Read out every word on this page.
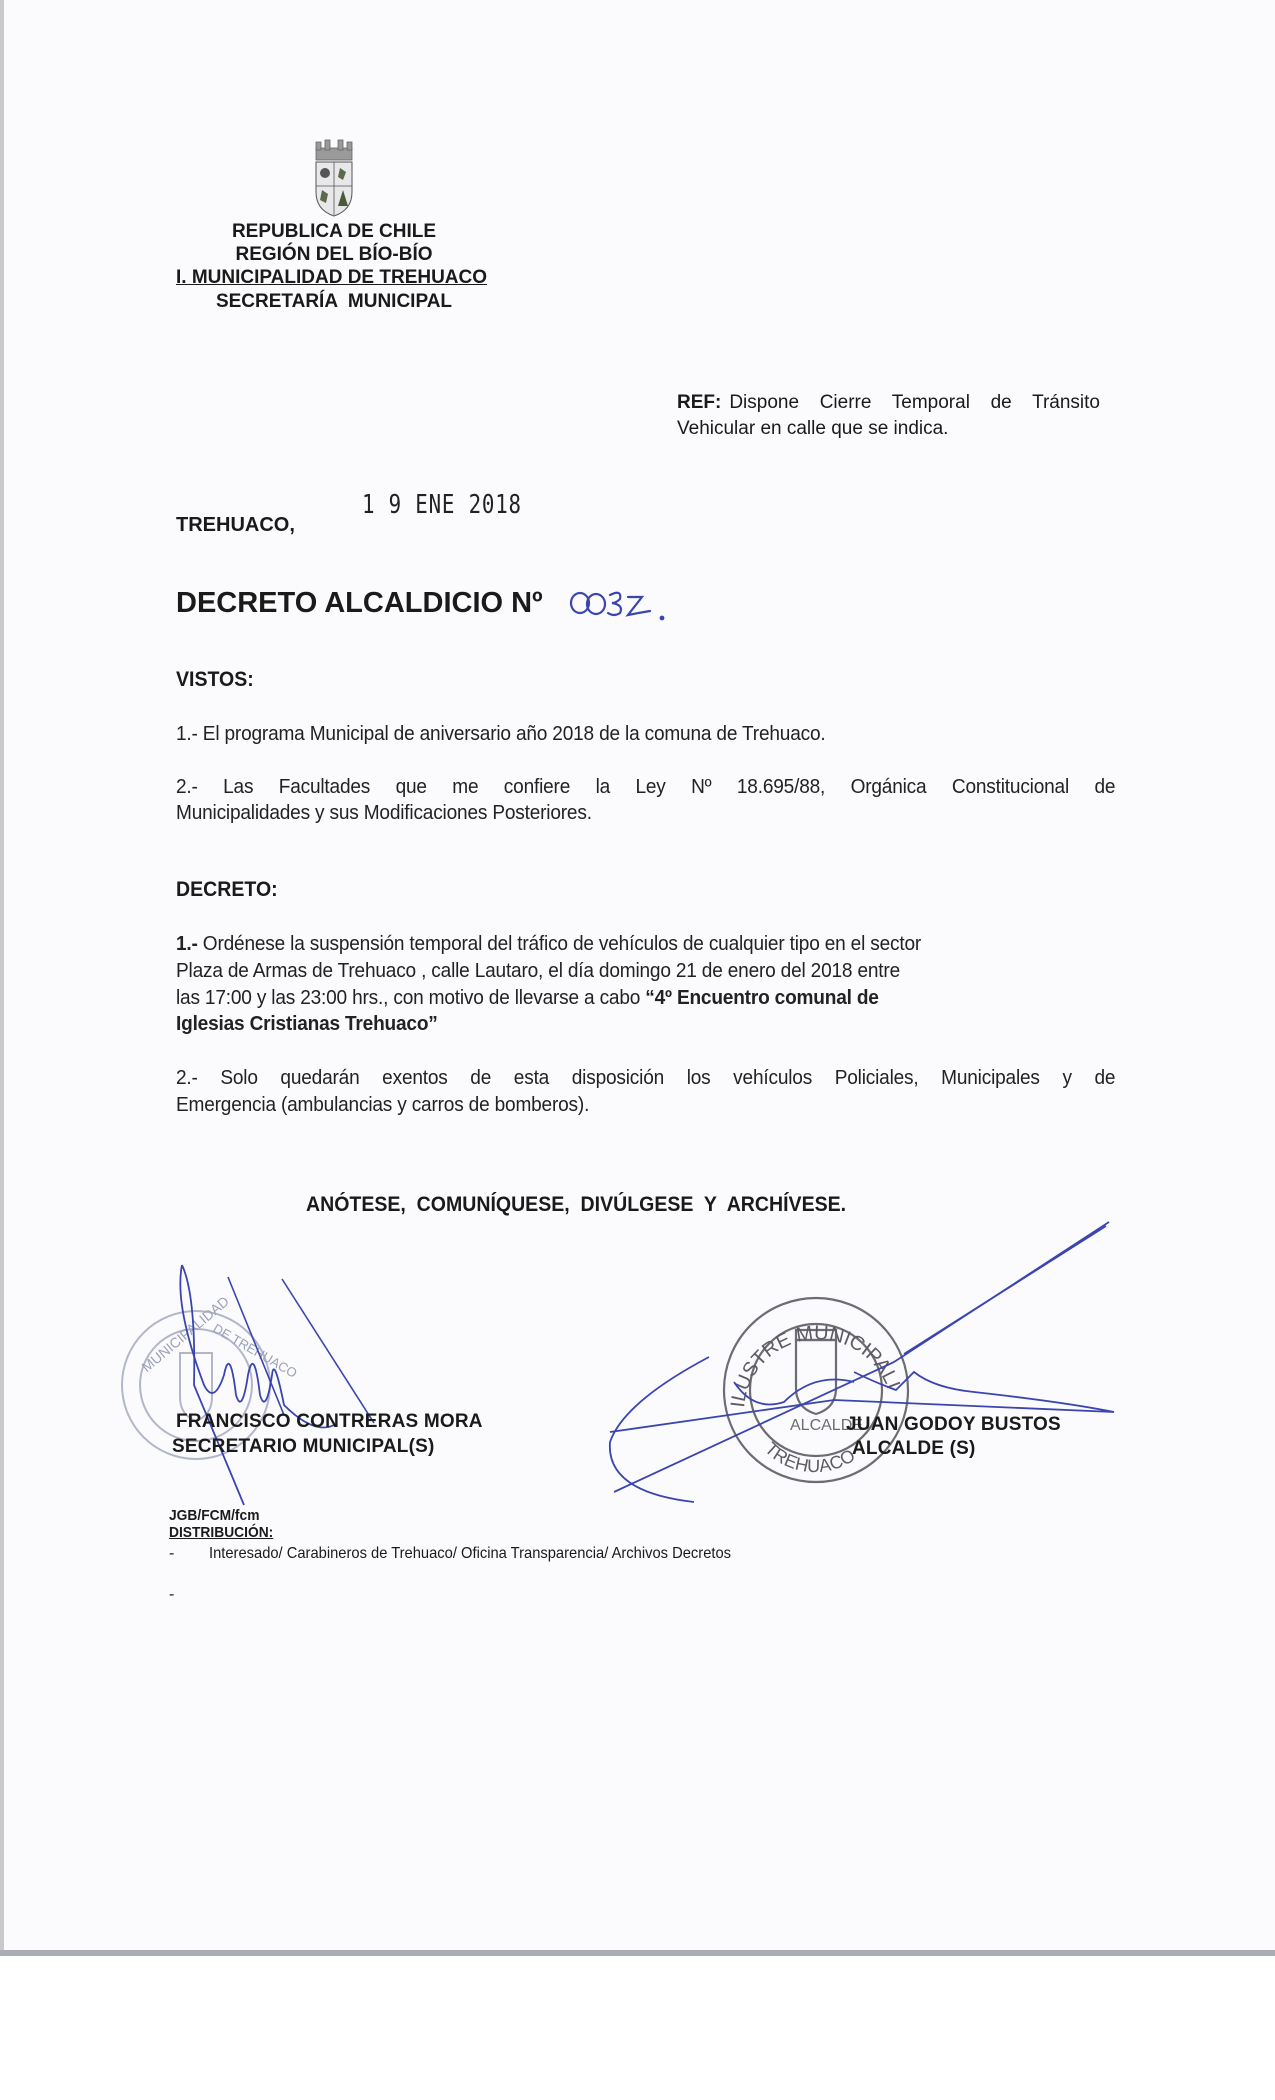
REPUBLICA DE CHILE
REGIÓN DEL BÍO-BÍO
I. MUNICIPALIDAD DE TREHUACO
SECRETARÍA  MUNICIPAL
REF: Dispone Cierre Temporal de Tránsito
Vehicular en calle que se indica.
1 9 ENE 2018
TREHUACO,
DECRETO ALCALDICIO Nº
VISTOS:
1.- El programa Municipal de aniversario año 2018 de la comuna de Trehuaco.
2.- Las Facultades que me confiere la Ley Nº 18.695/88, Orgánica Constitucional de
Municipalidades y sus Modificaciones Posteriores.
DECRETO:
1.- Ordénese la suspensión temporal del tráfico de vehículos de cualquier tipo en el sector
Plaza de Armas de Trehuaco , calle Lautaro, el día domingo 21 de enero del 2018 entre
las 17:00 y las 23:00 hrs., con motivo de llevarse a cabo “4º Encuentro comunal de
Iglesias Cristianas Trehuaco”
2.- Solo quedarán exentos de esta disposición los vehículos Policiales, Municipales y de
Emergencia (ambulancias y carros de bomberos).
ANÓTESE,  COMUNÍQUESE,  DIVÚLGESE  Y  ARCHÍVESE.
MUNICIPALIDAD
DE TREHUACO
FRANCISCO CONTRERAS MORA
SECRETARIO MUNICIPAL(S)
ILUSTRE MUNICIPALIDAD
TREHUACO
ALCALDE
JUAN GODOY BUSTOS
ALCALDE (S)
JGB/FCM/fcm
DISTRIBUCIÓN:
- Interesado/ Carabineros de Trehuaco/ Oficina Transparencia/ Archivos Decretos
-
